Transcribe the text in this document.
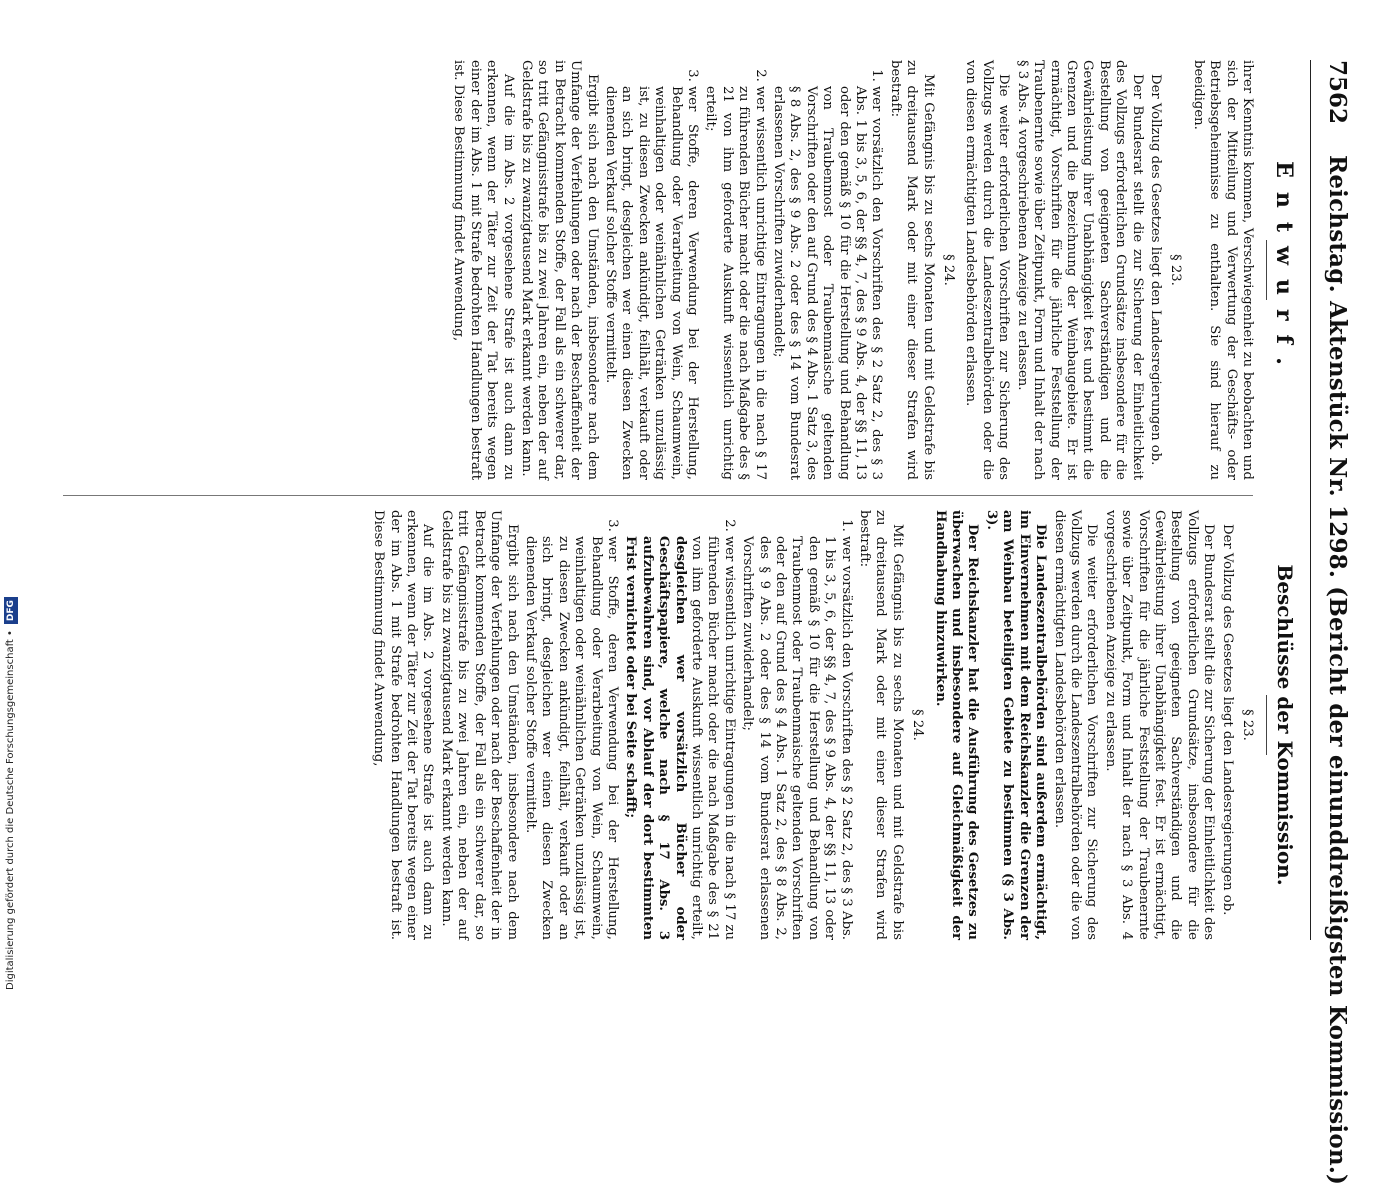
7562
Reichstag. Aktenstück Nr. 1298. (Bericht der einunddreißigsten Kommission.)
Entwurf.
Beschlüsse der Kommission.

ihrer Kenntnis kommen, Verschwiegenheit zu beobachten und sich der Mitteilung und Verwertung der Geschäfts- oder Betriebsgeheimnisse zu enthalten. Sie sind hierauf zu beeidigen.

§ 23.

Der Vollzug des Gesetzes liegt den Landesregierungen ob.

Der Bundesrat stellt die zur Sicherung der Einheitlichkeit des Vollzugs erforderlichen Grundsätze insbesondere für die Bestellung von geeigneten Sachverständigen und die Gewährleistung ihrer Unabhängigkeit fest und bestimmt die Grenzen und die Bezeichnung der Weinbaugebiete. Er ist ermächtigt, Vorschriften für die jährliche Feststellung der Traubenernte sowie über Zeitpunkt, Form und Inhalt der nach § 3 Abs. 4 vorgeschriebenen Anzeige zu erlassen.

Die weiter erforderlichen Vorschriften zur Sicherung des Vollzugs werden durch die Landeszentralbehörden oder die von diesen ermächtigten Landesbehörden erlassen.

§ 24.

Mit Gefängnis bis zu sechs Monaten und mit Geldstrafe bis zu dreitausend Mark oder mit einer dieser Strafen wird bestraft:

1. wer vorsätzlich den Vorschriften des § 2 Satz 2, des § 3 Abs. 1 bis 3, 5, 6, der §§ 4, 7, des § 9 Abs. 4, der §§ 11, 13 oder den gemäß § 10 für die Herstellung und Behandlung von Traubenmost oder Traubenmaische geltenden Vorschriften oder den auf Grund des § 4 Abs. 1 Satz 3, des § 8 Abs. 2, des § 9 Abs. 2 oder des § 14 vom Bundesrat erlassenen Vorschriften zuwiderhandelt;
2. wer wissentlich unrichtige Eintragungen in die nach § 17 zu führenden Bücher macht oder die nach Maßgabe des § 21 von ihm geforderte Auskunft wissentlich unrichtig erteilt;
3. wer Stoffe, deren Verwendung bei der Herstellung, Behandlung oder Verarbeitung von Wein, Schaumwein, weinhaltigen oder weinähnlichen Getränken unzulässig ist, zu diesen Zwecken ankündigt, feilhält, verkauft oder an sich bringt, desgleichen wer einen diesen Zwecken dienenden Verkauf solcher Stoffe vermittelt.

Ergibt sich nach den Umständen, insbesondere nach dem Umfange der Verfehlungen oder nach der Beschaffenheit der in Betracht kommenden Stoffe, der Fall als ein schwerer dar, so tritt Gefängnisstrafe bis zu zwei Jahren ein, neben der auf Geldstrafe bis zu zwanzigtausend Mark erkannt werden kann.

Auf die im Abs. 2 vorgesehene Strafe ist auch dann zu erkennen, wenn der Täter zur Zeit der Tat bereits wegen einer der im Abs. 1 mit Strafe bedrohten Handlungen bestraft ist. Diese Bestimmung findet Anwendung,

§ 23.

Der Vollzug des Gesetzes liegt den Landesregierungen ob.

Der Bundesrat stellt die zur Sicherung der Einheitlichkeit des Vollzugs erforderlichen Grundsätze, insbesondere für die Bestellung von geeigneten Sachverständigen und die Gewährleistung ihrer Unabhängigkeit fest. Er ist ermächtigt, Vorschriften für die jährliche Feststellung der Traubenernte sowie über Zeitpunkt, Form und Inhalt der nach § 3 Abs. 4 vorgeschriebenen Anzeige zu erlassen.

Die weiter erforderlichen Vorschriften zur Sicherung des Vollzugs werden durch die Landeszentralbehörden oder die von diesen ermächtigten Landesbehörden erlassen.

Die Landeszentralbehörden sind außerdem ermächtigt, im Einvernehmen mit dem Reichskanzler die Grenzen der am Weinbau beteiligten Gebiete zu bestimmen (§ 3 Abs. 3).

Der Reichskanzler hat die Ausführung des Gesetzes zu überwachen und insbesondere auf Gleichmäßigkeit der Handhabung hinzuwirken.

§ 24.

Mit Gefängnis bis zu sechs Monaten und mit Geldstrafe bis zu dreitausend Mark oder mit einer dieser Strafen wird bestraft:

1. wer vorsätzlich den Vorschriften des § 2 Satz 2, des § 3 Abs. 1 bis 3, 5, 6, der §§ 4, 7, des § 9 Abs. 4, der §§ 11, 13 oder den gemäß § 10 für die Herstellung und Behandlung von Traubenmost oder Traubenmaische geltenden Vorschriften oder den auf Grund des § 4 Abs. 1 Satz 2, des § 8 Abs. 2, des § 9 Abs. 2 oder des § 14 vom Bundesrat erlassenen Vorschriften zuwiderhandelt;
2. wer wissentlich unrichtige Eintragungen in die nach § 17 zu führenden Bücher macht oder die nach Maßgabe des § 21 von ihm geforderte Auskunft wissentlich unrichtig erteilt, desgleichen wer vorsätzlich Bücher oder Geschäftspapiere, welche nach § 17 Abs. 3 aufzubewahren sind, vor Ablauf der dort bestimmten Frist vernichtet oder bei Seite schafft;
3. wer Stoffe, deren Verwendung bei der Herstellung, Behandlung oder Verarbeitung von Wein, Schaumwein, weinhaltigen oder weinähnlichen Getränken unzulässig ist, zu diesen Zwecken ankündigt, feilhält, verkauft oder an sich bringt, desgleichen wer einen diesen Zwecken dienenden Verkauf solcher Stoffe vermittelt.

Ergibt sich nach den Umständen, insbesondere nach dem Umfange der Verfehlungen oder nach der Beschaffenheit der in Betracht kommenden Stoffe, der Fall als ein schwerer dar, so tritt Gefängnisstrafe bis zu zwei Jahren ein, neben der auf Geldstrafe bis zu zwanzigtausend Mark erkannt werden kann.

Auf die im Abs. 2 vorgesehene Strafe ist auch dann zu erkennen, wenn der Täter zur Zeit der Tat bereits wegen einer der im Abs. 1 mit Strafe bedrohten Handlungen bestraft ist. Diese Bestimmung findet Anwendung,

Digitalisierung gefördert durch die Deutsche Forschungsgemeinschaft •DFG
